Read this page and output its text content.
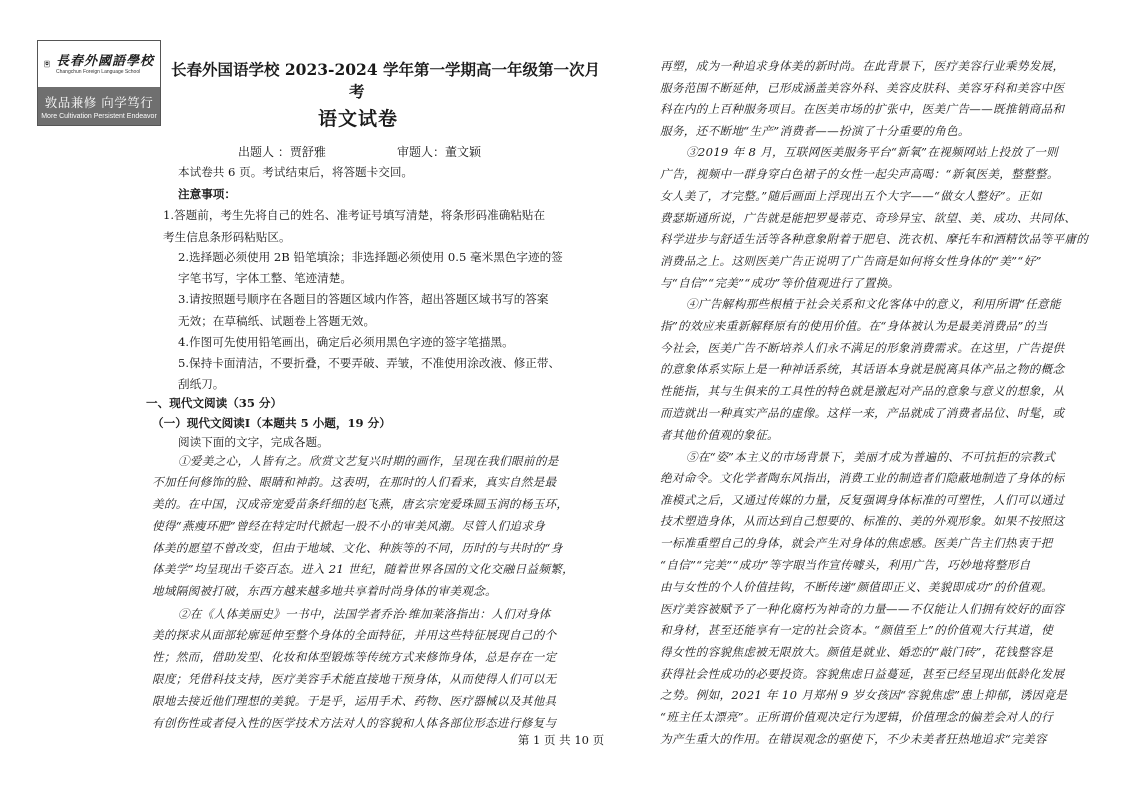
長春外國語學校
Changchun Foreign Language School
敦品兼修 向学笃行
More Cultivation Persistent Endeavor
长春外国语学校 2023-2024 学年第一学期高一年级第一次月
考
语文试卷
出题人 ：贾舒雅	审题人：董文颖
本试卷共 6 页。考试结束后，将答题卡交回。
注意事项：
1.答题前，考生先将自己的姓名、准考证号填写清楚，将条形码准确粘贴在
考生信息条形码粘贴区。
2.选择题必须使用 2B 铅笔填涂；非选择题必须使用 0.5 毫米黑色字迹的签
字笔书写，字体工整、笔迹清楚。
3.请按照题号顺序在各题目的答题区域内作答，超出答题区域书写的答案
无效；在草稿纸、试题卷上答题无效。
4.作图可先使用铅笔画出，确定后必须用黑色字迹的签字笔描黑。
5.保持卡面清洁，不要折叠，不要弄破、弄皱，不准使用涂改液、修正带、
刮纸刀。
一、现代文阅读（35 分）
（一）现代文阅读Ⅰ（本题共 5 小题，19 分）
阅读下面的文字，完成各题。
①爱美之心，人皆有之。欣赏文艺复兴时期的画作，呈现在我们眼前的是
不加任何修饰的脸、眼睛和神韵。这表明，在那时的人们看来，真实自然是最
美的。在中国，汉成帝宠爱苗条纤细的赵飞燕，唐玄宗宠爱珠圆玉润的杨玉环，
使得“燕瘦环肥”曾经在特定时代掀起一股不小的审美风潮。尽管人们追求身
体美的愿望不曾改变，但由于地域、文化、种族等的不同，历时的与共时的“身
体美学”均呈现出千姿百态。进入 21 世纪，随着世界各国的文化交融日益频繁，
地域隔阂被打破，东西方越来越多地共享着时尚身体的审美观念。
②在《人体美丽史》一书中，法国学者乔治·维加莱洛指出：人们对身体
美的探求从面部轮廓延伸至整个身体的全面特征，并用这些特征展现自己的个
性；然而，借助发型、化妆和体型锻炼等传统方式来修饰身体，总是存在一定
限度；凭借科技支持，医疗美容手术能直接地干预身体，从而使得人们可以无
限地去接近他们理想的美貌。于是乎，运用手术、药物、医疗器械以及其他具
有创伤性或者侵入性的医学技术方法对人的容貌和人体各部位形态进行修复与
再塑，成为一种追求身体美的新时尚。在此背景下，医疗美容行业乘势发展，
服务范围不断延伸，已形成涵盖美容外科、美容皮肤科、美容牙科和美容中医
科在内的上百种服务项目。在医美市场的扩张中，医美广告——既推销商品和
服务，还不断地“生产”消费者——扮演了十分重要的角色。
③2019 年 8 月，互联网医美服务平台“新氧”在视频网站上投放了一则
广告，视频中一群身穿白色裙子的女性一起尖声高喝：“新氧医美，整整整。
女人美了，才完整。”随后画面上浮现出五个大字——“做女人整好”。正如
费瑟斯通所说，广告就是能把罗曼蒂克、奇珍异宝、欲望、美、成功、共同体、
科学进步与舒适生活等各种意象附着于肥皂、洗衣机、摩托车和酒精饮品等平庸的
消费品之上。这则医美广告正说明了广告商是如何将女性身体的“美”“好”
与“自信”“完美”“成功”等价值观进行了置换。
④广告解构那些根植于社会关系和文化客体中的意义，利用所谓“任意能
指”的效应来重新解释原有的使用价值。在“身体被认为是最美消费品”的当
今社会，医美广告不断培养人们永不满足的形象消费需求。在这里，广告提供
的意象体系实际上是一种神话系统，其话语本身就是脱离具体产品之物的概念
性能指，其与生俱来的工具性的特色就是激起对产品的意象与意义的想象，从
而造就出一种真实产品的虚像。这样一来，产品就成了消费者品位、时髦，或
者其他价值观的象征。
⑤在“姿”本主义的市场背景下，美丽才成为普遍的、不可抗拒的宗教式
绝对命令。文化学者陶东风指出，消费工业的制造者们隐蔽地制造了身体的标
准模式之后，又通过传媒的力量，反复强调身体标准的可塑性，人们可以通过
技术塑造身体，从而达到自己想要的、标准的、美的外观形象。如果不按照这
一标准重塑自己的身体，就会产生对身体的焦虑感。医美广告主们热衷于把
“自信”“完美”“成功”等字眼当作宣传噱头，利用广告，巧妙地将整形自
由与女性的个人价值挂钩，不断传递“颜值即正义、美貌即成功”的价值观。
医疗美容被赋予了一种化腐朽为神奇的力量——不仅能让人们拥有姣好的面容
和身材，甚至还能享有一定的社会资本。“颜值至上”的价值观大行其道，使
得女性的容貌焦虑被无限放大。颜值是就业、婚恋的“敲门砖”，花钱整容是
获得社会性成功的必要投资。容貌焦虑日益蔓延，甚至已经呈现出低龄化发展
之势。例如，2021 年 10 月郑州 9 岁女孩因“容貌焦虑”患上抑郁，诱因竟是
“班主任太漂亮”。正所谓价值观决定行为逻辑，价值理念的偏差会对人的行
为产生重大的作用。在错误观念的驱使下，不少未美者狂热地追求“完美容
第 1 页 共 10 页
